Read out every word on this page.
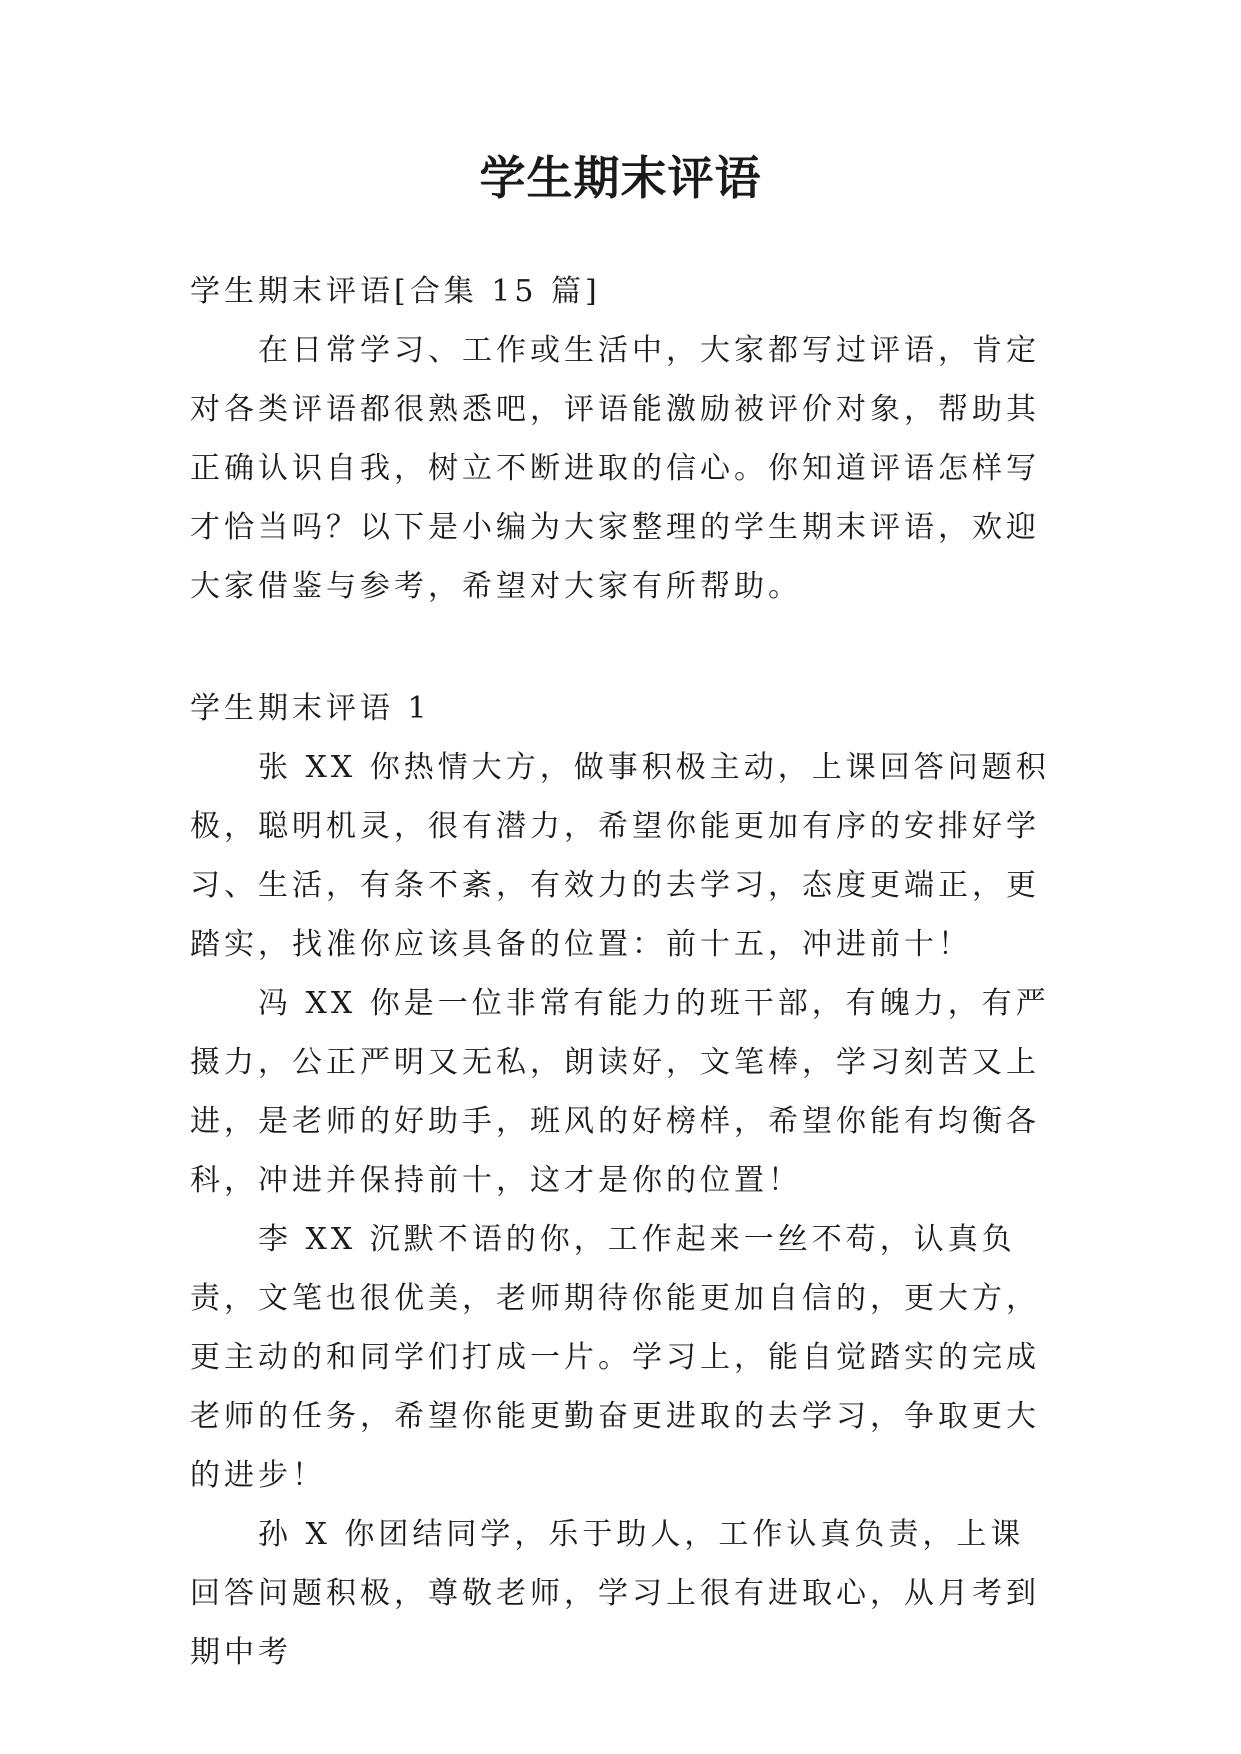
学生期末评语

学生期末评语[合集 15 篇]

在日常学习、工作或生活中，大家都写过评语，肯定对各类评语都很熟悉吧，评语能激励被评价对象，帮助其正确认识自我，树立不断进取的信心。你知道评语怎样写才恰当吗？以下是小编为大家整理的学生期末评语，欢迎大家借鉴与参考，希望对大家有所帮助。

学生期末评语 1

张 XX 你热情大方，做事积极主动，上课回答问题积极，聪明机灵，很有潜力，希望你能更加有序的安排好学习、生活，有条不紊，有效力的去学习，态度更端正，更踏实，找准你应该具备的位置：前十五，冲进前十！

冯 XX 你是一位非常有能力的班干部，有魄力，有严摄力，公正严明又无私，朗读好，文笔棒，学习刻苦又上进，是老师的好助手，班风的好榜样，希望你能有均衡各科，冲进并保持前十，这才是你的位置！

李 XX 沉默不语的你，工作起来一丝不苟，认真负责，文笔也很优美，老师期待你能更加自信的，更大方，更主动的和同学们打成一片。学习上，能自觉踏实的完成老师的任务，希望你能更勤奋更进取的去学习，争取更大的进步！

孙 X 你团结同学，乐于助人，工作认真负责，上课回答问题积极，尊敬老师，学习上很有进取心，从月考到期中考
